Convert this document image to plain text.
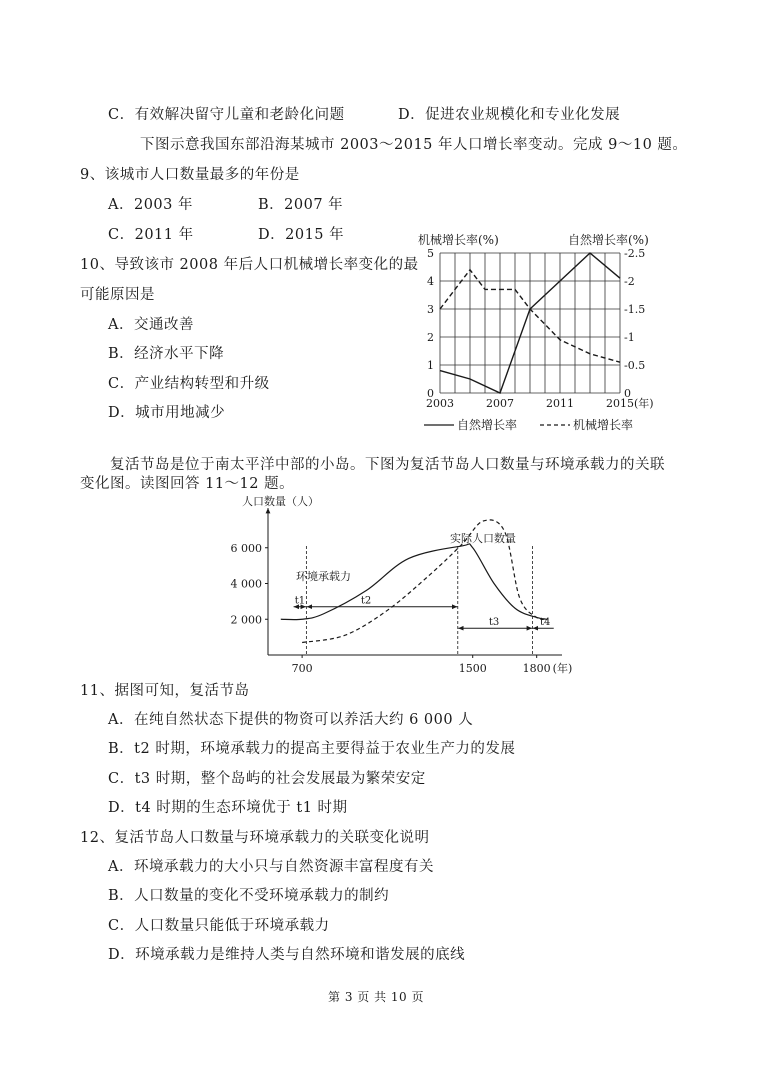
C．有效解决留守儿童和老龄化问题	D．促进农业规模化和专业化发展
下图示意我国东部沿海某城市 2003～2015 年人口增长率变动。完成 9～10 题。
9、该城市人口数量最多的年份是
A．2003 年	B．2007 年
C．2011 年	D．2015 年
10、导致该市 2008 年后人口机械增长率变化的最
可能原因是
A．交通改善
B．经济水平下降
C．产业结构转型和升级
D．城市用地减少
机械增长率(%)	自然增长率(%)
0	0
1	-0.5
2	-1
3	-1.5
4	-2
5	-2.5
2003	2007	2011	2015 (年)
自然增长率	机械增长率
复活节岛是位于南太平洋中部的小岛。下图为复活节岛人口数量与环境承载力的关联
变化图。读图回答 11～12 题。
人口数量（人）
2 000
4 000
6 000
700	1500	1800 (年)
t1	t2
t3	t4
环境承载力
实际人口数量
11、据图可知，复活节岛
A．在纯自然状态下提供的物资可以养活大约 6 000 人
B．t2 时期，环境承载力的提高主要得益于农业生产力的发展
C．t3 时期，整个岛屿的社会发展最为繁荣安定
D．t4 时期的生态环境优于 t1 时期
12、复活节岛人口数量与环境承载力的关联变化说明
A．环境承载力的大小只与自然资源丰富程度有关
B．人口数量的变化不受环境承载力的制约
C．人口数量只能低于环境承载力
D．环境承载力是维持人类与自然环境和谐发展的底线
第 3 页 共 10 页
